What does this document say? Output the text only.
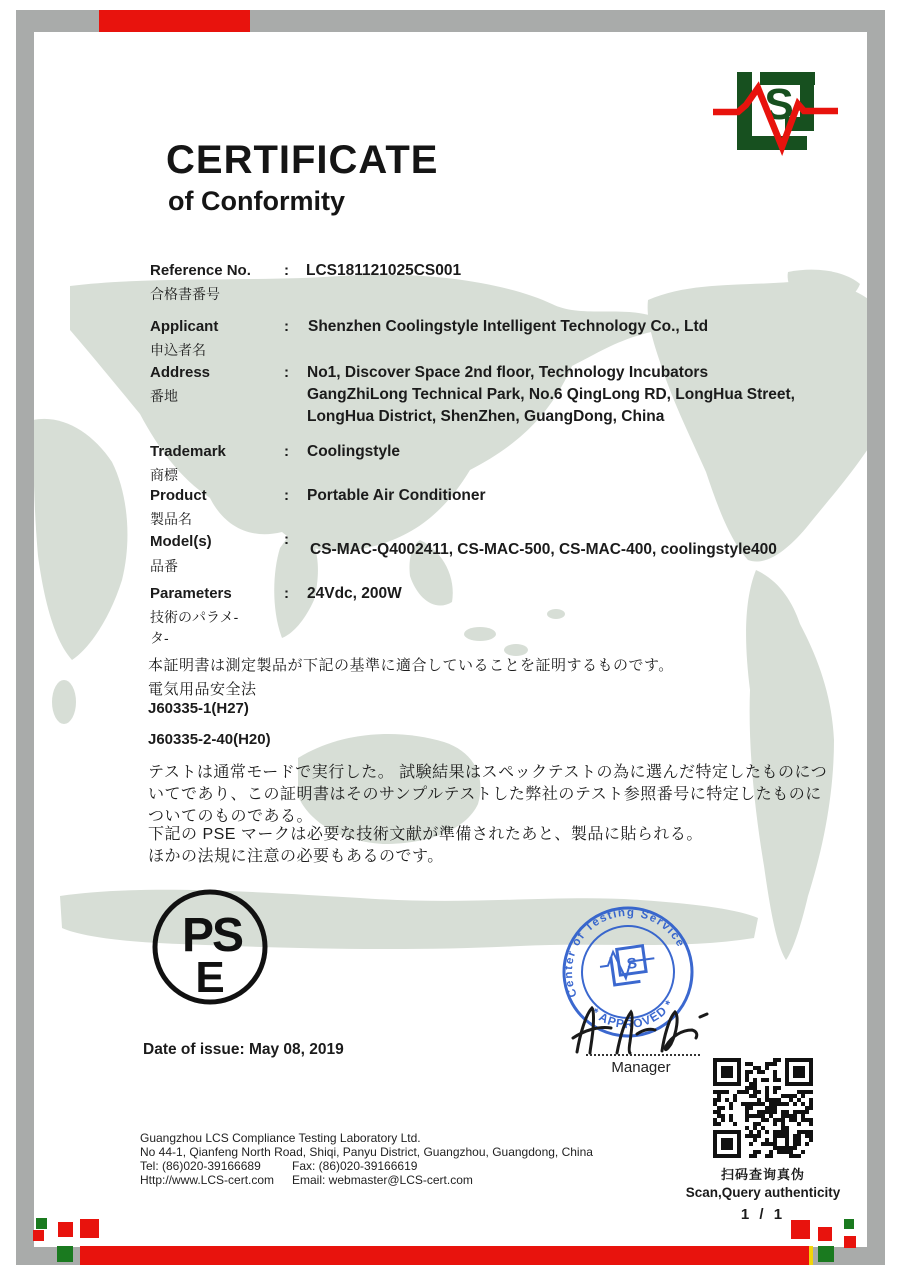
S
CERTIFICATE
of Conformity
Reference No.
合格書番号
: LCS181121025CS001
Applicant
申込者名
: Shenzhen Coolingstyle Intelligent Technology Co., Ltd
Address
番地
: No1, Discover Space 2nd floor, Technology Incubators
GangZhiLong Technical Park, No.6 QingLong RD, LongHua Street,
LongHua District, ShenZhen, GuangDong, China
Trademark
商標
: Coolingstyle
Product
製品名
: Portable Air Conditioner
Model(s)
品番
:
CS-MAC-Q4002411, CS-MAC-500, CS-MAC-400, coolingstyle400
Parameters
技術のパラメ-
タ-
: 24Vdc, 200W
本証明書は測定製品が下記の基準に適合していることを証明するものです。
電気用品安全法
J60335-1(H27)
J60335-2-40(H20)
テストは通常モードで実行した。 試験結果はスペックテストの為に選んだ特定したものにつ
いてであり、この証明書はそのサンプルテストした弊社のテスト参照番号に特定したものに
ついてのものである。
下記の PSE マークは必要な技術文献が準備されたあと、製品に貼られる。
ほかの法規に注意の必要もあるのです。
PS
E	Center of Testing Service
* APPROVED *
S
Manager
Date of issue: May 08, 2019
扫码查询真伪
Scan,Query authenticity
1 / 1
Guangzhou LCS Compliance Testing Laboratory Ltd.
No 44-1, Qianfeng North Road, Shiqi, Panyu District, Guangzhou, Guangdong, China
Tel: (86)020-39166689	Fax: (86)020-39166619
Http://www.LCS-cert.com Email: webmaster@LCS-cert.com
